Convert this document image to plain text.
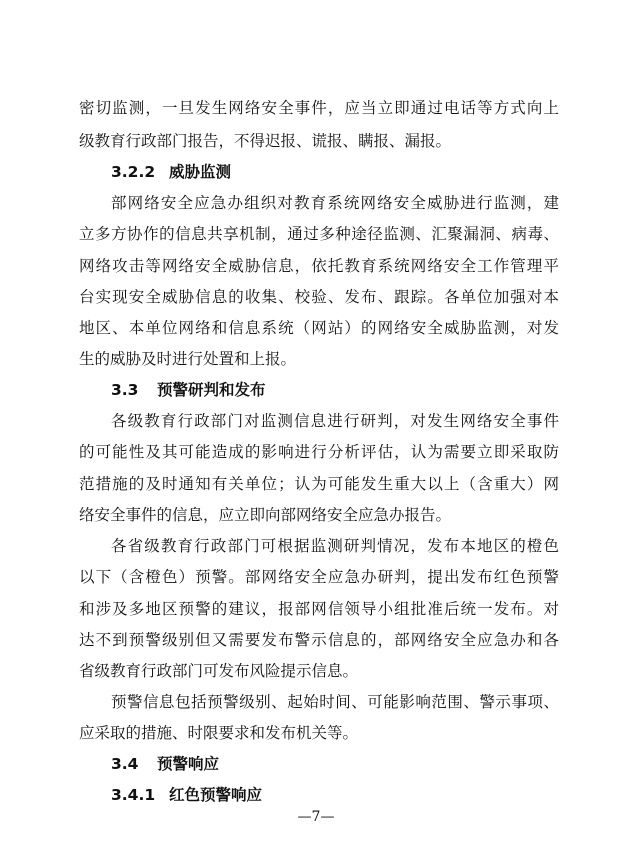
密切监测，一旦发生网络安全事件，应当立即通过电话等方式向上
级教育行政部门报告，不得迟报、谎报、瞒报、漏报。
3.2.2 威胁监测
部网络安全应急办组织对教育系统网络安全威胁进行监测，建
立多方协作的信息共享机制，通过多种途径监测、汇聚漏洞、病毒、
网络攻击等网络安全威胁信息，依托教育系统网络安全工作管理平
台实现安全威胁信息的收集、校验、发布、跟踪。各单位加强对本
地区、本单位网络和信息系统（网站）的网络安全威胁监测，对发
生的威胁及时进行处置和上报。
3.3 预警研判和发布
各级教育行政部门对监测信息进行研判，对发生网络安全事件
的可能性及其可能造成的影响进行分析评估，认为需要立即采取防
范措施的及时通知有关单位；认为可能发生重大以上（含重大）网
络安全事件的信息，应立即向部网络安全应急办报告。
各省级教育行政部门可根据监测研判情况，发布本地区的橙色
以下（含橙色）预警。部网络安全应急办研判，提出发布红色预警
和涉及多地区预警的建议，报部网信领导小组批准后统一发布。对
达不到预警级别但又需要发布警示信息的，部网络安全应急办和各
省级教育行政部门可发布风险提示信息。
预警信息包括预警级别、起始时间、可能影响范围、警示事项、
应采取的措施、时限要求和发布机关等。
3.4 预警响应
3.4.1 红色预警响应
—7—
